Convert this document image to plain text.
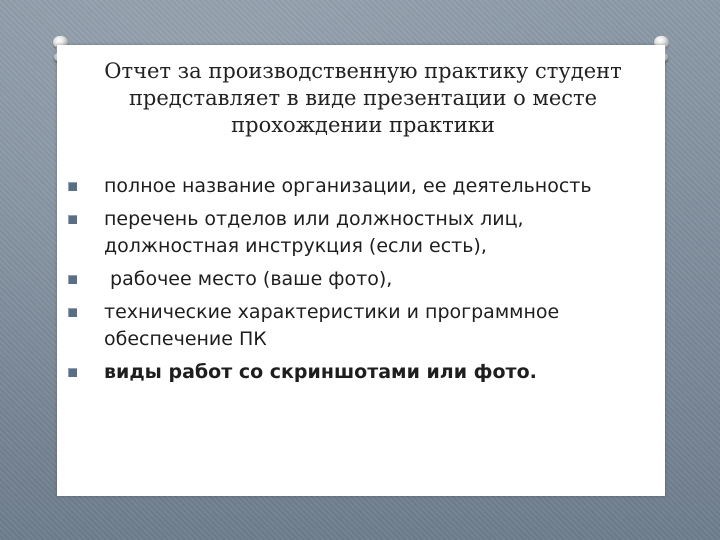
Отчет за производственную практику студент
представляет в виде презентации о месте
прохождении практики
полное название организации, ее деятельность
перечень отделов или должностных лиц,
должностная инструкция (если есть),
рабочее место (ваше фото),
технические характеристики и программное
обеспечение ПК
виды работ со скриншотами или фото.
